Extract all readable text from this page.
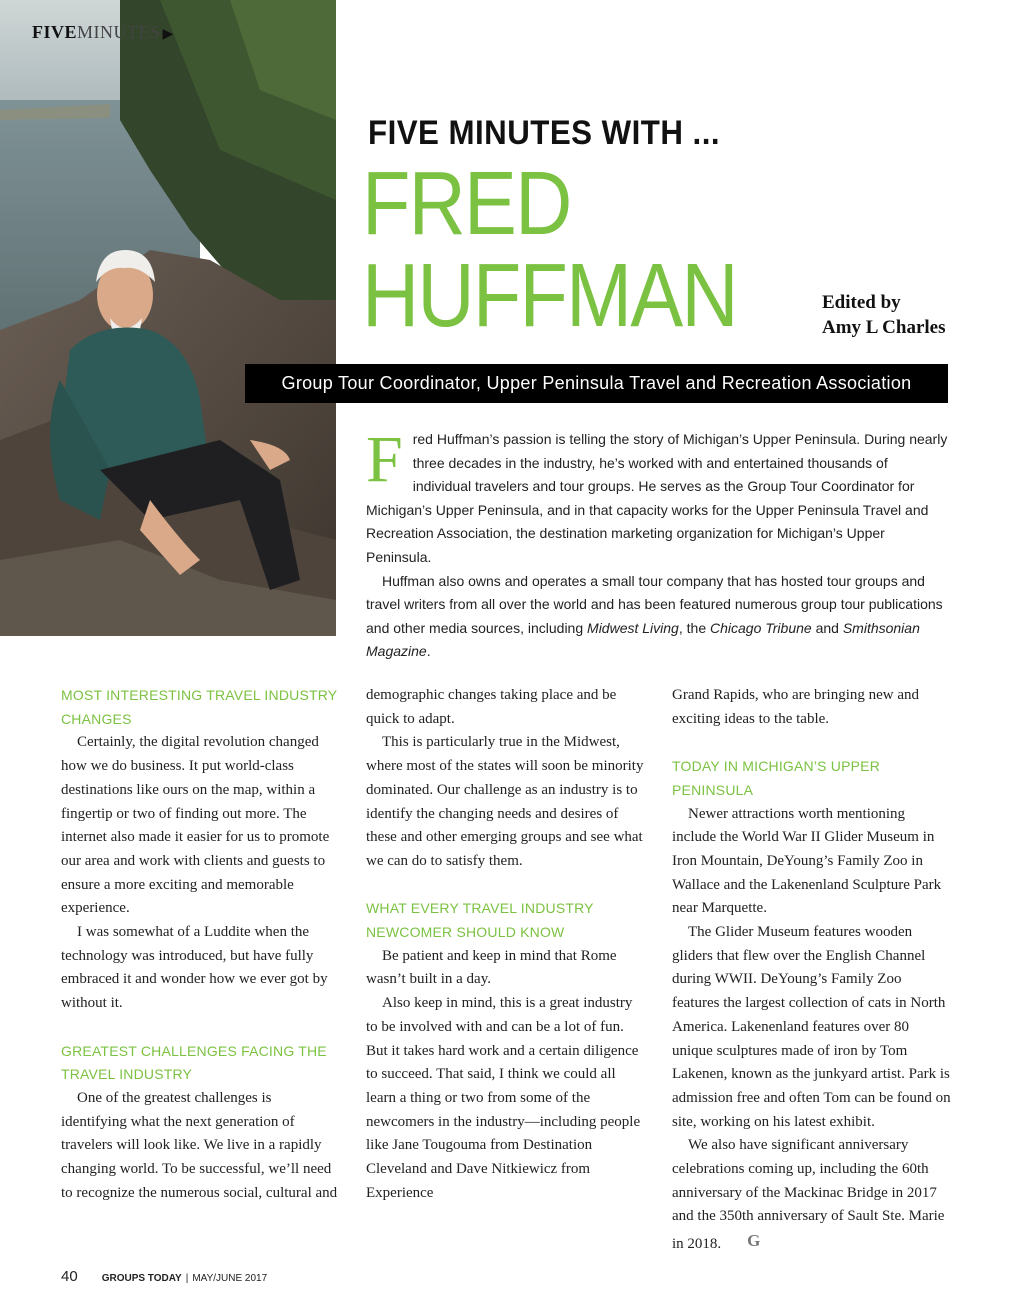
FIVEMINUTES ▶
FIVE MINUTES WITH ...
FRED
HUFFMAN	Edited by
Amy L Charles
Group Tour Coordinator, Upper Peninsula Travel and Recreation Association

Fred Huffman’s passion is telling the story of Michigan’s Upper Peninsula. During nearly three decades in the industry, he’s worked with and entertained thousands of individual travelers and tour groups. He serves as the Group Tour Coordinator for Michigan’s Upper Peninsula, and in that capacity works for the Upper Peninsula Travel and Recreation Association, the destination marketing organization for Michigan’s Upper Peninsula.

Huffman also owns and operates a small tour company that has hosted tour groups and travel writers from all over the world and has been featured numerous group tour publications and other media sources, including Midwest Living, the Chicago Tribune and Smithsonian Magazine.

MOST INTERESTING TRAVEL INDUSTRY CHANGES

Certainly, the digital revolution changed how we do business. It put world-class destinations like ours on the map, within a fingertip or two of finding out more. The internet also made it easier for us to promote our area and work with clients and guests to ensure a more exciting and memorable experience.

I was somewhat of a Luddite when the technology was introduced, but have fully embraced it and wonder how we ever got by without it.

GREATEST CHALLENGES FACING THE TRAVEL INDUSTRY

One of the greatest challenges is identifying what the next generation of travelers will look like. We live in a rapidly changing world. To be successful, we’ll need to recognize the numerous social, cultural and

demographic changes taking place and be quick to adapt.

This is particularly true in the Midwest, where most of the states will soon be minority dominated. Our challenge as an industry is to identify the changing needs and desires of these and other emerging groups and see what we can do to satisfy them.

WHAT EVERY TRAVEL INDUSTRY NEWCOMER SHOULD KNOW

Be patient and keep in mind that Rome wasn’t built in a day.

Also keep in mind, this is a great industry to be involved with and can be a lot of fun. But it takes hard work and a certain diligence to succeed. That said, I think we could all learn a thing or two from some of the newcomers in the industry—including people like Jane Tougouma from Destination Cleveland and Dave Nitkiewicz from Experience

Grand Rapids, who are bringing new and exciting ideas to the table.

TODAY IN MICHIGAN’S UPPER PENINSULA

Newer attractions worth mentioning include the World War II Glider Museum in Iron Mountain, DeYoung’s Family Zoo in Wallace and the Lakenenland Sculpture Park near Marquette.

The Glider Museum features wooden gliders that flew over the English Channel during WWII. DeYoung’s Family Zoo features the largest collection of cats in North America. Lakenenland features over 80 unique sculptures made of iron by Tom Lakenen, known as the junkyard artist. Park is admission free and often Tom can be found on site, working on his latest exhibit.

We also have significant anniversary celebrations coming up, including the 60th anniversary of the Mackinac Bridge in 2017 and the 350th anniversary of Sault Ste. Marie in 2018. G

40 GROUPS TODAY | MAY/JUNE 2017
